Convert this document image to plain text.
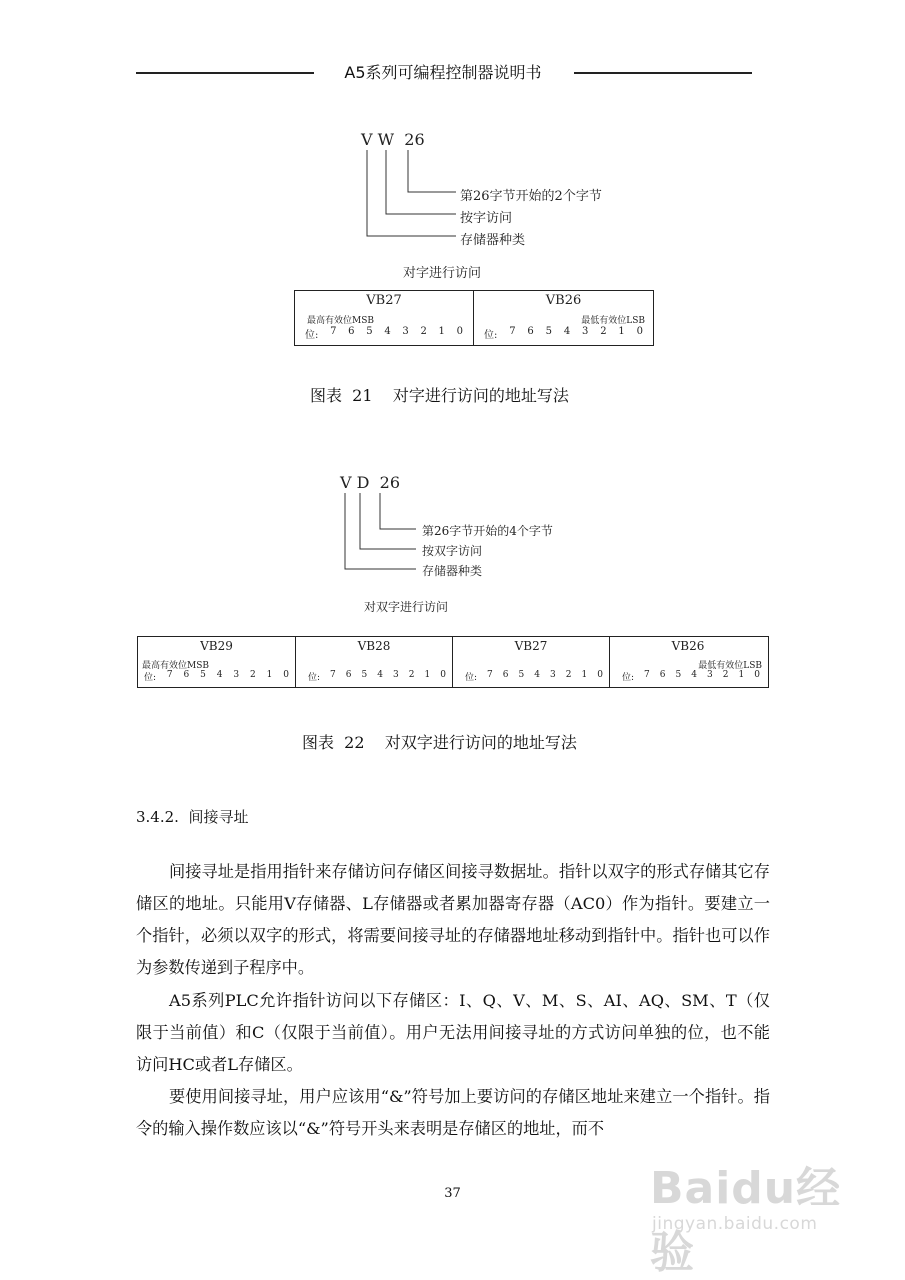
A5系列可编程控制器说明书
V W  26
第26字节开始的2个字节
按字访问
存储器种类
对字进行访问
VB27
最高有效位MSB
位: 7 6 5 4 3 2 1 0
VB26
最低有效位LSB
位: 7 6 5 4 3 2 1 0
图表  21    对字进行访问的地址写法
V D  26
第26字节开始的4个字节
按双字访问
存储器种类
对双字进行访问
VB29
最高有效位MSB
位: 7 6 5 4 3 2 1 0
VB28
位: 7 6 5 4 3 2 1 0
VB27
位: 7 6 5 4 3 2 1 0
VB26
最低有效位LSB
位: 7 6 5 4 3 2 1 0
图表  22    对双字进行访问的地址写法
3.4.2.  间接寻址

间接寻址是指用指针来存储访问存储区间接寻数据址。指针以双字的形式存储其它存储区的地址。只能用V存储器、L存储器或者累加器寄存器（AC0）作为指针。要建立一个指针，必须以双字的形式，将需要间接寻址的存储器地址移动到指针中。指针也可以作为参数传递到子程序中。

A5系列PLC允许指针访问以下存储区：I、Q、V、M、S、AI、AQ、SM、T（仅限于当前值）和C（仅限于当前值）。用户无法用间接寻址的方式访问单独的位，也不能访问HC或者L存储区。

要使用间接寻址，用户应该用“&”符号加上要访问的存储区地址来建立一个指针。指令的输入操作数应该以“&”符号开头来表明是存储区的地址，而不

37	Baidu经验
jingyan.baidu.com
